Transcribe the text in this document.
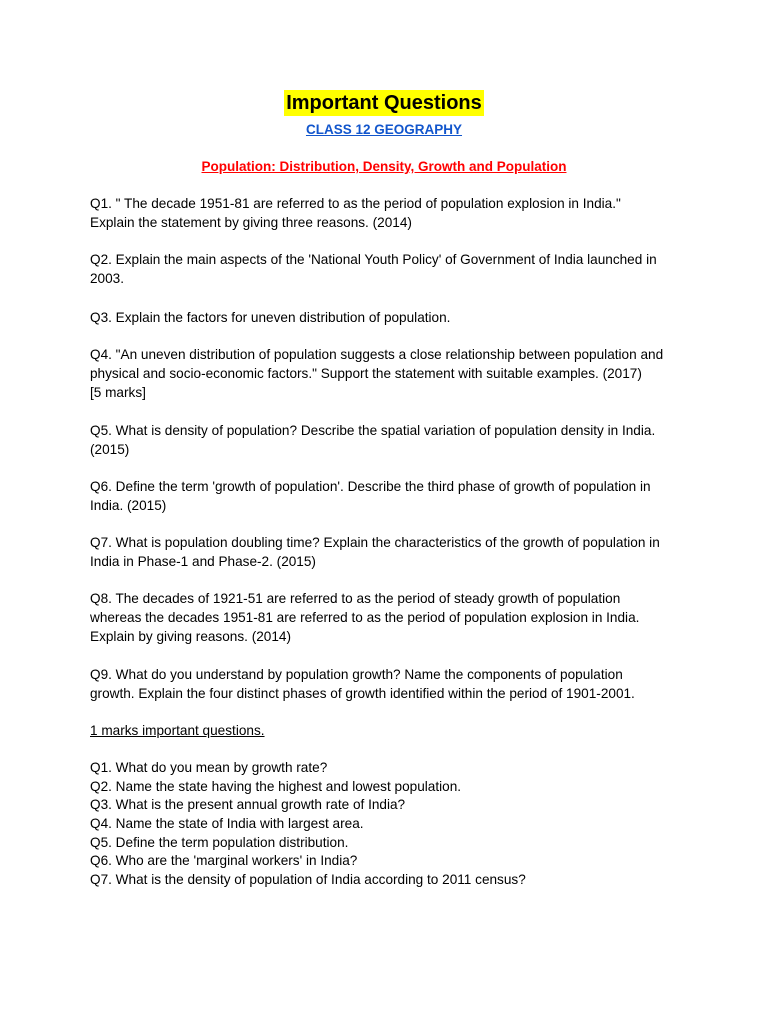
Important Questions
CLASS 12 GEOGRAPHY
Population: Distribution, Density, Growth and Population
Q1. " The decade 1951-81 are referred to as the period of population explosion in India."
Explain the statement by giving three reasons. (2014)
Q2. Explain the main aspects of the 'National Youth Policy' of Government of India launched in
2003.
Q3. Explain the factors for uneven distribution of population.
Q4. "An uneven distribution of population suggests a close relationship between population and
physical and socio-economic factors." Support the statement with suitable examples. (2017)
[5 marks]
Q5. What is density of population? Describe the spatial variation of population density in India.
(2015)
Q6. Define the term 'growth of population'. Describe the third phase of growth of population in
India. (2015)
Q7. What is population doubling time? Explain the characteristics of the growth of population in
India in Phase-1 and Phase-2. (2015)
Q8. The decades of 1921-51 are referred to as the period of steady growth of population
whereas the decades 1951-81 are referred to as the period of population explosion in India.
Explain by giving reasons. (2014)
Q9. What do you understand by population growth? Name the components of population
growth. Explain the four distinct phases of growth identified within the period of 1901-2001.
1 marks important questions.
Q1. What do you mean by growth rate?
Q2. Name the state having the highest and lowest population.
Q3. What is the present annual growth rate of India?
Q4. Name the state of India with largest area.
Q5. Define the term population distribution.
Q6. Who are the 'marginal workers' in India?
Q7. What is the density of population of India according to 2011 census?
